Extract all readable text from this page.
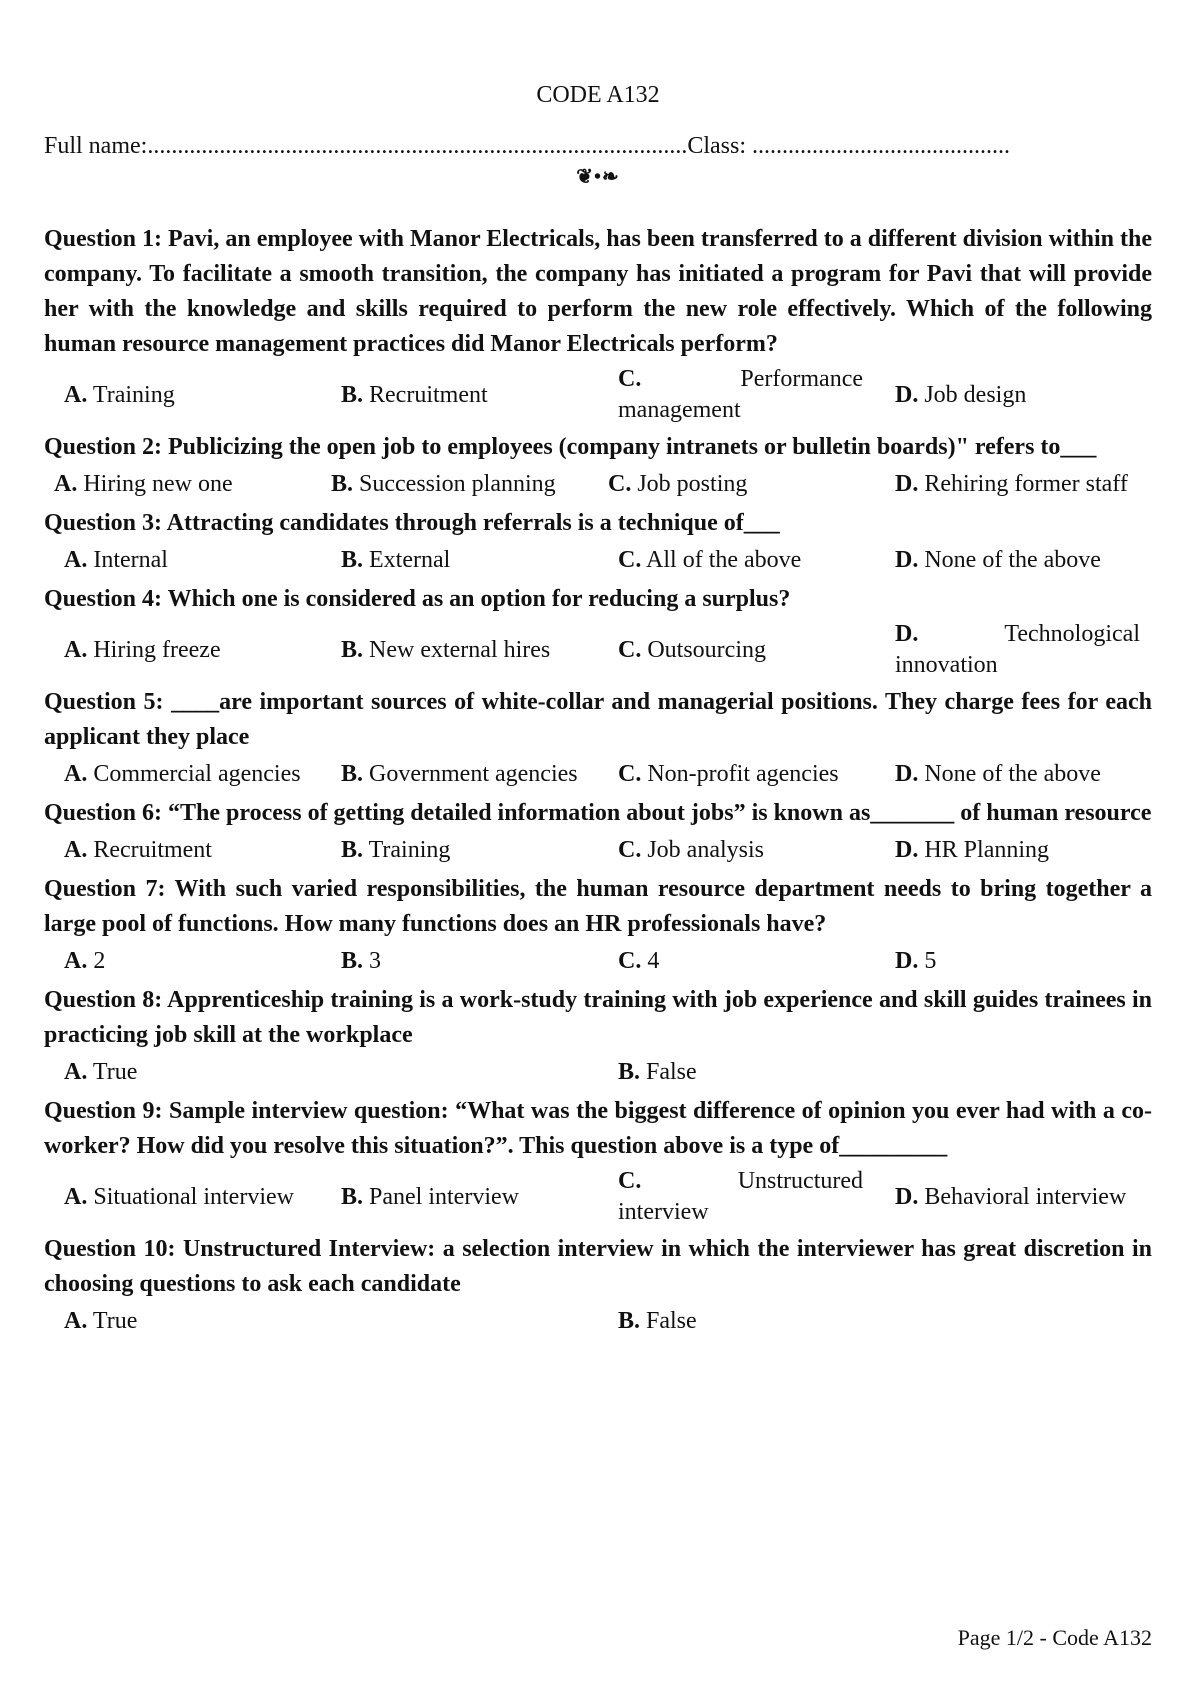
CODE A132
Full name:..........................................................................................Class: ...........................................
❦•❧

Question 1: Pavi, an employee with Manor Electricals, has been transferred to a different division within the company. To facilitate a smooth transition, the company has initiated a program for Pavi that will provide her with the knowledge and skills required to perform the new role effectively. Which of the following human resource management practices did Manor Electricals perform?

A. Training	B. Recruitment
C.	Performance management
D. Job design

Question 2: Publicizing the open job to employees (company intranets or bulletin boards)" refers to___

A. Hiring new one	B. Succession planning	C. Job posting	D. Rehiring former staff

Question 3: Attracting candidates through referrals is a technique of___

A. Internal	B. External	C. All of the above	D. None of the above

Question 4: Which one is considered as an option for reducing a surplus?

A. Hiring freeze	B. New external hires	C. Outsourcing
D.	Technological innovation

Question 5: ____are important sources of white-collar and managerial positions. They charge fees for each applicant they place

A. Commercial agencies	B. Government agencies	C. Non-profit agencies	D. None of the above

Question 6: “The process of getting detailed information about jobs” is known as_______ of human resource

A. Recruitment	B. Training	C. Job analysis	D. HR Planning

Question 7: With such varied responsibilities, the human resource department needs to bring together a large pool of functions. How many functions does an HR professionals have?

A. 2	B. 3	C. 4	D. 5

Question 8: Apprenticeship training is a work-study training with job experience and skill guides trainees in practicing job skill at the workplace

A. True	B. False

Question 9: Sample interview question: “What was the biggest difference of opinion you ever had with a co-worker? How did you resolve this situation?”. This question above is a type of_________

A. Situational interview	B. Panel interview
C.	Unstructured interview
D. Behavioral interview

Question 10: Unstructured Interview: a selection interview in which the interviewer has great discretion in choosing questions to ask each candidate

A. True	B. False
Page 1/2 - Code A132
